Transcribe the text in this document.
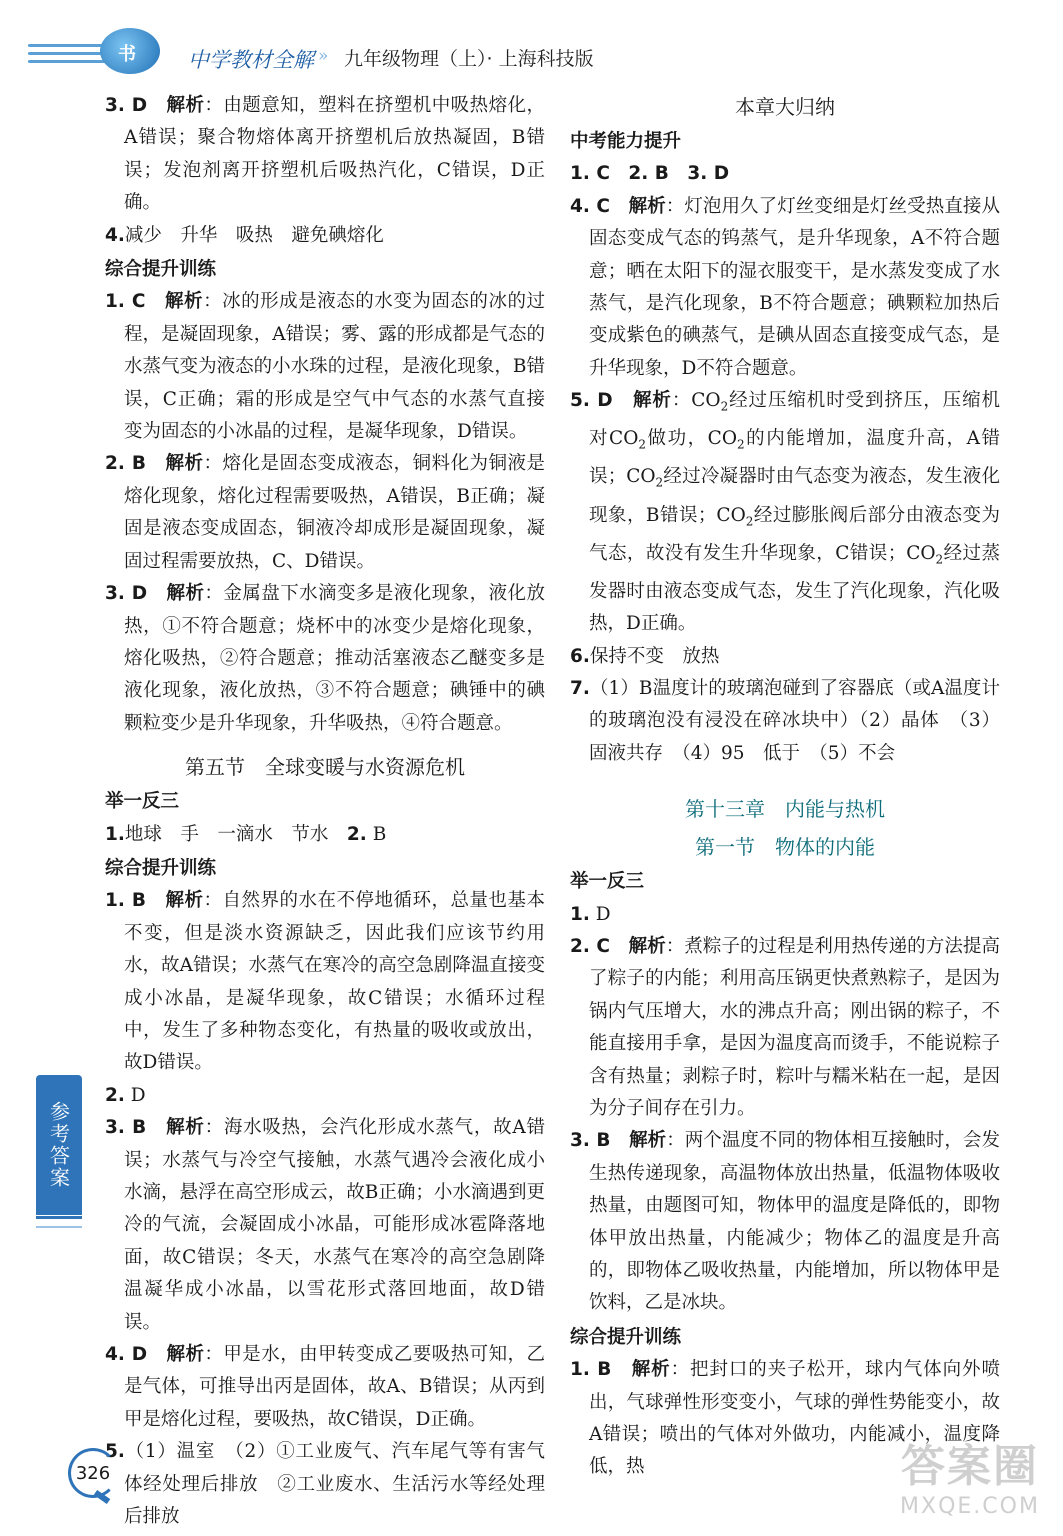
书 中学教材全解 » 九年级物理（上）· 上海科技版

3. D　 解析：由题意知，塑料在挤塑机中吸热熔化，A错误；聚合物熔体离开挤塑机后放热凝固，B错误；发泡剂离开挤塑机后吸热汽化，C错误，D正确。

4.减少　升华　吸热　避免碘熔化

综合提升训练

1. C　 解析：冰的形成是液态的水变为固态的冰的过程，是凝固现象，A错误；雾、露的形成都是气态的水蒸气变为液态的小水珠的过程，是液化现象，B错误，C正确；霜的形成是空气中气态的水蒸气直接变为固态的小冰晶的过程，是凝华现象，D错误。

2. B　 解析：熔化是固态变成液态，铜料化为铜液是熔化现象，熔化过程需要吸热，A错误，B正确；凝固是液态变成固态，铜液冷却成形是凝固现象，凝固过程需要放热，C、D错误。

3. D　 解析：金属盘下水滴变多是液化现象，液化放热，①不符合题意；烧杯中的冰变少是熔化现象，熔化吸热，②符合题意；推动活塞液态乙醚变多是液化现象，液化放热，③不符合题意；碘锤中的碘颗粒变少是升华现象，升华吸热，④符合题意。

第五节　全球变暖与水资源危机
举一反三

1.地球　手　一滴水　节水　2. B

综合提升训练

1. B　 解析：自然界的水在不停地循环，总量也基本不变，但是淡水资源缺乏，因此我们应该节约用水，故A错误；水蒸气在寒冷的高空急剧降温直接变成小冰晶，是凝华现象，故C错误；水循环过程中，发生了多种物态变化，有热量的吸收或放出，故D错误。

2. D

3. B　 解析：海水吸热，会汽化形成水蒸气，故A错误；水蒸气与冷空气接触，水蒸气遇冷会液化成小水滴，悬浮在高空形成云，故B正确；小水滴遇到更冷的气流，会凝固成小冰晶，可能形成冰雹降落地面，故C错误；冬天，水蒸气在寒冷的高空急剧降温凝华成小冰晶，以雪花形式落回地面，故D错误。

4. D　 解析：甲是水，由甲转变成乙要吸热可知，乙是气体，可推导出丙是固体，故A、B错误；从丙到甲是熔化过程，要吸热，故C错误，D正确。

5.（1）温室　（2）①工业废气、汽车尾气等有害气体经处理后排放　②工业废水、生活污水等经处理后排放

本章大归纳
中考能力提升

1. C　2. B　3. D

4. C　 解析：灯泡用久了灯丝变细是灯丝受热直接从固态变成气态的钨蒸气，是升华现象，A不符合题意；晒在太阳下的湿衣服变干，是水蒸发变成了水蒸气，是汽化现象，B不符合题意；碘颗粒加热后变成紫色的碘蒸气，是碘从固态直接变成气态，是升华现象，D不符合题意。

5. D　 解析：$CO_2$经过压缩机时受到挤压，压缩机对$CO_2$做功，$CO_2$的内能增加，温度升高，A错误；$CO_2$经过冷凝器时由气态变为液态，发生液化现象，B错误；$CO_2$经过膨胀阀后部分由液态变为气态，故没有发生升华现象，C错误；$CO_2$经过蒸发器时由液态变成气态，发生了汽化现象，汽化吸热，D正确。

6.保持不变　放热

7.（1）B温度计的玻璃泡碰到了容器底（或A温度计的玻璃泡没有浸没在碎冰块中）（2）晶体　（3）固液共存　（4）95　低于　（5）不会

第十三章　内能与热机
第一节　物体的内能
举一反三

1. D

2. C　 解析：煮粽子的过程是利用热传递的方法提高了粽子的内能；利用高压锅更快煮熟粽子，是因为锅内气压增大，水的沸点升高；刚出锅的粽子，不能直接用手拿，是因为温度高而烫手，不能说粽子含有热量；剥粽子时，粽叶与糯米粘在一起，是因为分子间存在引力。

3. B　 解析：两个温度不同的物体相互接触时，会发生热传递现象，高温物体放出热量，低温物体吸收热量，由题图可知，物体甲的温度是降低的，即物体甲放出热量，内能减少；物体乙的温度是升高的，即物体乙吸收热量，内能增加，所以物体甲是饮料，乙是冰块。

综合提升训练

1. B　 解析：把封口的夹子松开，球内气体向外喷出，气球弹性形变变小，气球的弹性势能变小，故A错误；喷出的气体对外做功，内能减小，温度降低，热

参考答案
326	答案圈
MXQE.COM
